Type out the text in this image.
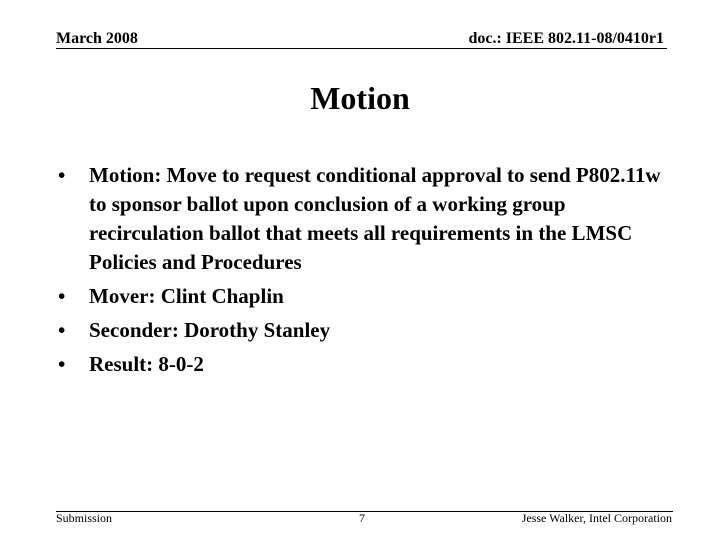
March 2008	doc.: IEEE 802.11-08/0410r1
Motion
• Motion: Move to request conditional approval to send P802.11w to sponsor ballot upon conclusion of a working group recirculation ballot that meets all requirements in the LMSC Policies and Procedures
• Mover: Clint Chaplin
• Seconder: Dorothy Stanley
• Result: 8-0-2
Submission	7	Jesse Walker, Intel Corporation
